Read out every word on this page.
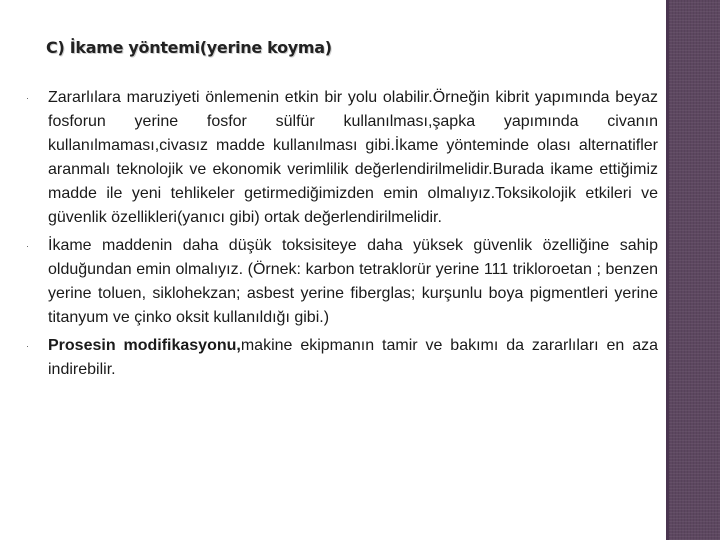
C) İkame yöntemi(yerine koyma)
· Zararlılara maruziyeti önlemenin etkin bir yolu olabilir.Örneğin kibrit yapımında beyaz fosforun yerine fosfor sülfür kullanılması,şapka yapımında civanın kullanılmaması,civasız madde kullanılması gibi.İkame yönteminde olası alternatifler aranmalı teknolojik ve ekonomik verimlilik değerlendirilmelidir.Burada ikame ettiğimiz madde ile yeni tehlikeler getirmediğimizden emin olmalıyız.Toksikolojik etkileri ve güvenlik özellikleri(yanıcı gibi) ortak değerlendirilmelidir.
· İkame maddenin daha düşük toksisiteye daha yüksek güvenlik özelliğine sahip olduğundan emin olmalıyız. (Örnek: karbon tetraklorür yerine 111 trikloroetan ; benzen yerine toluen, siklohekzan; asbest yerine fiberglas; kurşunlu boya pigmentleri yerine titanyum ve çinko oksit kullanıldığı gibi.)
· Prosesin modifikasyonu,makine ekipmanın tamir ve bakımı da zararlıları en aza indirebilir.
